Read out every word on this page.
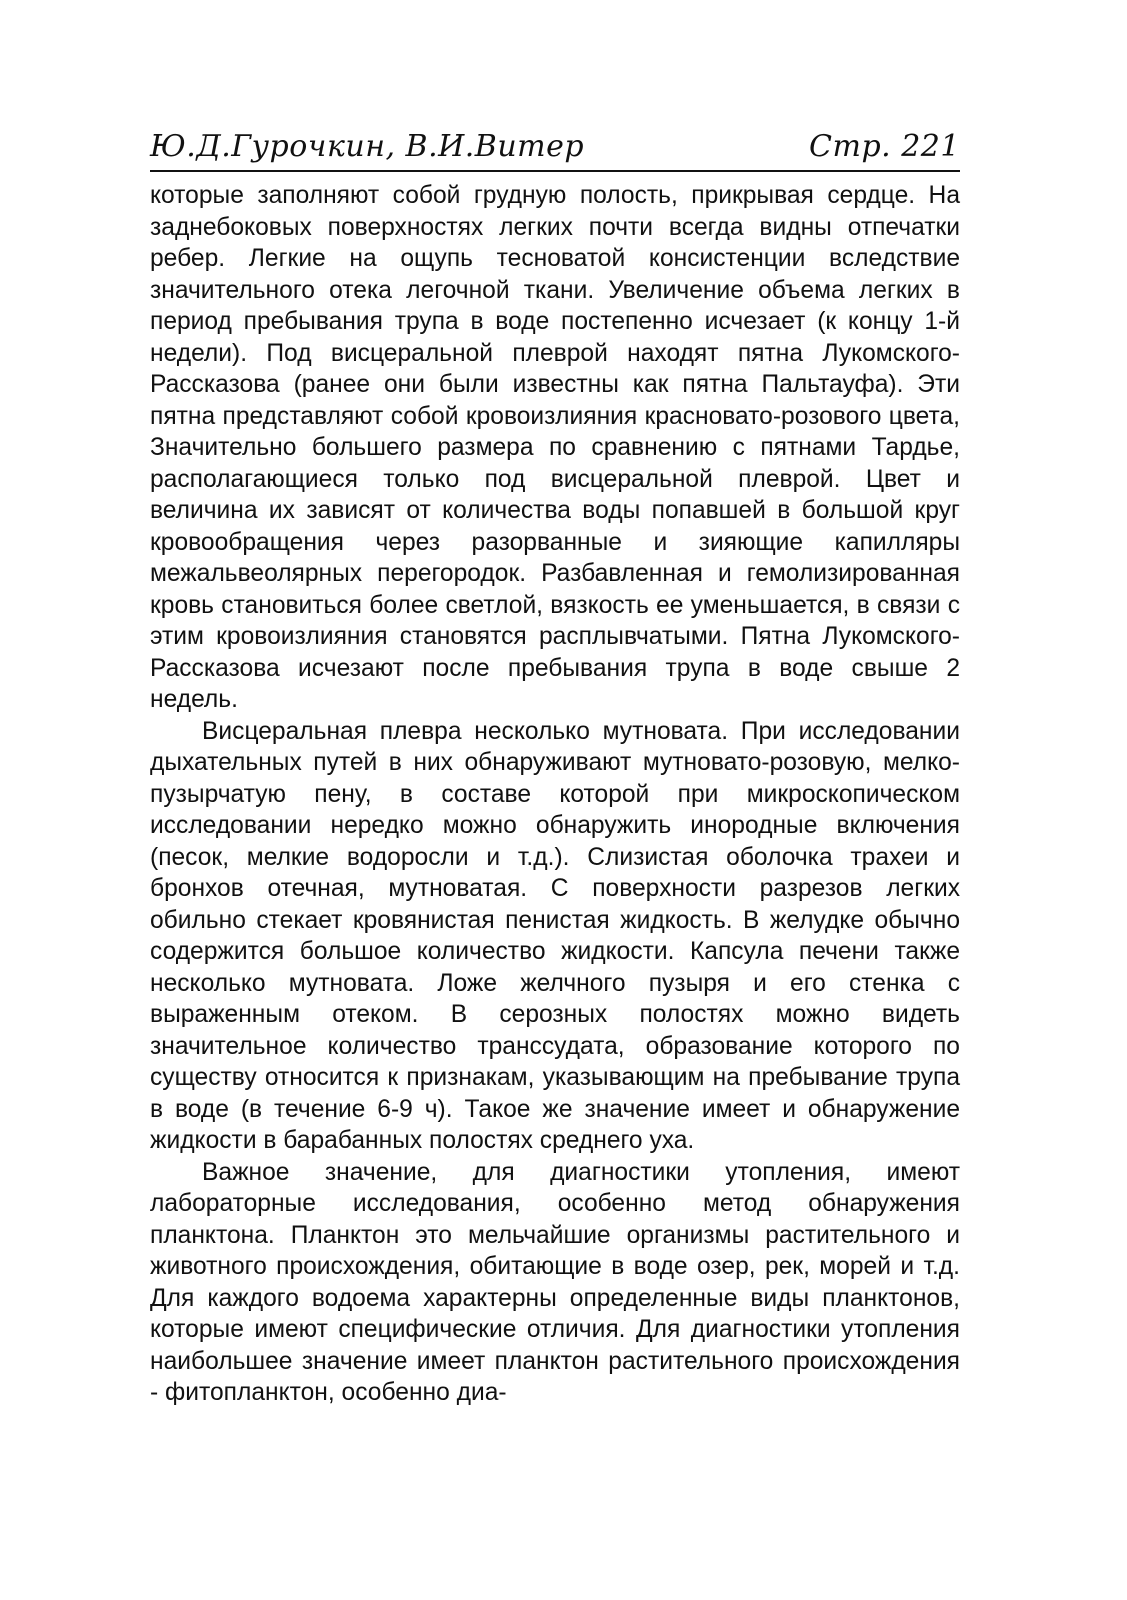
Ю.Д.Гурочкин, В.И.Витер	Стр. 221

которые заполняют собой грудную полость, прикрывая сердце. На заднебоковых поверхностях легких почти всегда видны отпечатки ребер. Легкие на ощупь тесноватой консистенции вследствие значительного отека легочной ткани. Увеличение объема легких в период пребывания трупа в воде постепенно исчезает (к концу 1-й недели). Под висцеральной плеврой находят пятна Лукомского-Рассказова (ранее они были известны как пятна Пальтауфа). Эти пятна представляют собой кровоизлияния красновато-розового цвета, Значительно большего размера по сравнению с пятнами Тардье, располагающиеся только под висцеральной плеврой. Цвет и величина их зависят от количества воды попавшей в большой круг кровообращения через разорванные и зияющие капилляры межальвеолярных перегородок. Разбавленная и гемолизированная кровь становиться более светлой, вязкость ее уменьшается, в связи с этим кровоизлияния становятся расплывчатыми. Пятна Лукомского-Рассказова исчезают после пребывания трупа в воде свыше 2 недель.

Висцеральная плевра несколько мутновата. При исследовании дыхательных путей в них обнаруживают мутновато-розовую, мелко-пузырчатую пену, в составе которой при микроскопическом исследовании нередко можно обнаружить инородные включения (песок, мелкие водоросли и т.д.). Слизистая оболочка трахеи и бронхов отечная, мутноватая. С поверхности разрезов легких обильно стекает кровянистая пенистая жидкость. В желудке обычно содержится большое количество жидкости. Капсула печени также несколько мутновата. Ложе желчного пузыря и его стенка с выраженным отеком. В серозных полостях можно видеть значительное количество транссудата, образование которого по существу относится к признакам, указывающим на пребывание трупа в воде (в течение 6-9 ч). Такое же значение имеет и обнаружение жидкости в барабанных полостях среднего уха.

Важное значение, для диагностики утопления, имеют лабораторные исследования, особенно метод обнаружения планктона. Планктон это мельчайшие организмы растительного и животного происхождения, обитающие в воде озер, рек, морей и т.д. Для каждого водоема характерны определенные виды планктонов, которые имеют специфические отличия. Для диагностики утопления наибольшее значение имеет планктон растительного происхождения - фитопланктон, особенно диа-
